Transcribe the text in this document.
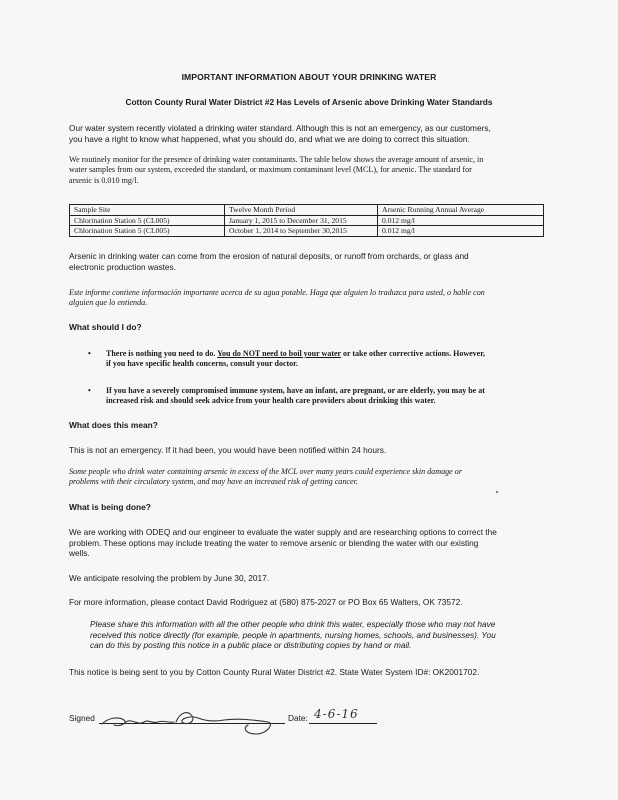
IMPORTANT INFORMATION ABOUT YOUR DRINKING WATER
Cotton County Rural Water District #2 Has Levels of Arsenic above Drinking Water Standards
Our water system recently violated a drinking water standard. Although this is not an emergency, as our customers,
you have a right to know what happened, what you should do, and what we are doing to correct this situation.
We routinely monitor for the presence of drinking water contaminants. The table below shows the average amount of arsenic, in
water samples from our system, exceeded the standard, or maximum contaminant level (MCL), for arsenic. The standard for
arsenic is 0.010 mg/l.
Sample Site	Twelve Month Period	Arsenic Running Annual Average
Chlorination Station 5 (CL005)	January 1, 2015 to December 31, 2015	0.012 mg/l
Chlorination Station 5 (CL005)	October 1, 2014 to September 30,2015	0.012 mg/l
Arsenic in drinking water can come from the erosion of natural deposits, or runoff from orchards, or glass and
electronic production wastes.
Este informe contiene información importante acerca de su agua potable. Haga que alguien lo traduzca para usted, o hable con
alguien que lo entienda.
What should I do?
• There is nothing you need to do. You do NOT need to boil your water or take other corrective actions. However,
if you have specific health concerns, consult your doctor.
• If you have a severely compromised immune system, have an infant, are pregnant, or are elderly, you may be at
increased risk and should seek advice from your health care providers about drinking this water.
What does this mean?
This is not an emergency. If it had been, you would have been notified within 24 hours.
Some people who drink water containing arsenic in excess of the MCL over many years could experience skin damage or
problems with their circulatory system, and may have an increased risk of getting cancer.
What is being done?
We are working with ODEQ and our engineer to evaluate the water supply and are researching options to correct the
problem. These options may include treating the water to remove arsenic or blending the water with our existing
wells.
We anticipate resolving the problem by June 30, 2017.
For more information, please contact David Rodriguez at (580) 875-2027 or PO Box 65 Walters, OK 73572.
Please share this information with all the other people who drink this water, especially those who may not have
received this notice directly (for example, people in apartments, nursing homes, schools, and businesses). You
can do this by posting this notice in a public place or distributing copies by hand or mail.
This notice is being sent to you by Cotton County Rural Water District #2. State Water System ID#: OK2001702.
Signed	Date: 4-6-16
